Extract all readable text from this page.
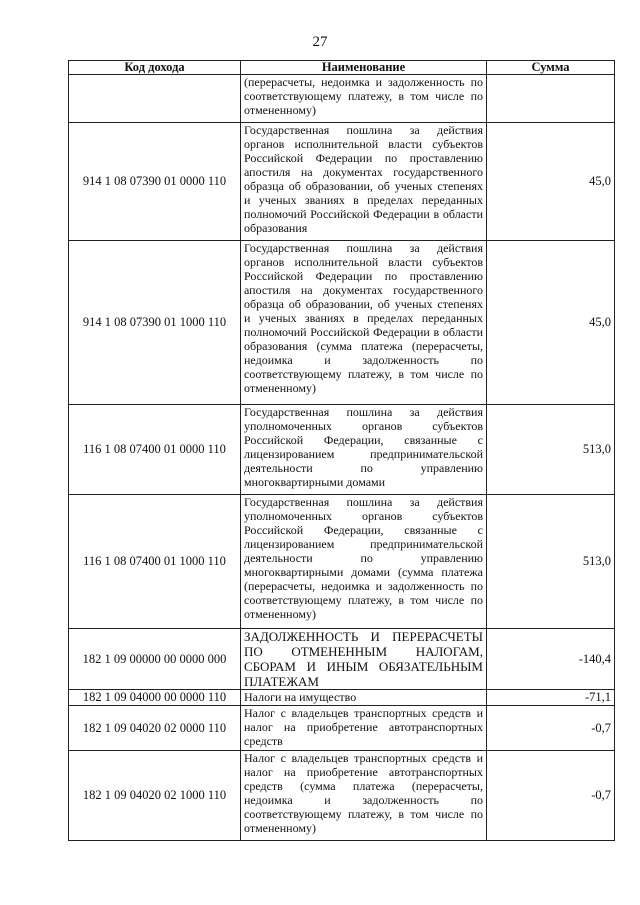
27
Код дохода	Наименование	Сумма
	(перерасчеты, недоимка и задолженность по соответствующему платежу, в том числе по отмененному)	
914 1 08 07390 01 0000 110	Государственная пошлина за действия органов исполнительной власти субъектов Российской Федерации по проставлению апостиля на документах государственного образца об образовании, об ученых степенях и ученых званиях в пределах переданных полномочий Российской Федерации в области образования	45,0
914 1 08 07390 01 1000 110	Государственная пошлина за действия органов исполнительной власти субъектов Российской Федерации по проставлению апостиля на документах государственного образца об образовании, об ученых степенях и ученых званиях в пределах переданных полномочий Российской Федерации в области образования (сумма платежа (перерасчеты, недоимка и задолженность по соответствующему платежу, в том числе по отмененному)	45,0
116 1 08 07400 01 0000 110	Государственная пошлина за действия уполномоченных органов субъектов Российской Федерации, связанные с лицензированием предпринимательской деятельности по управлению многоквартирными домами	513,0
116 1 08 07400 01 1000 110	Государственная пошлина за действия уполномоченных органов субъектов Российской Федерации, связанные с лицензированием предпринимательской деятельности по управлению многоквартирными домами (сумма платежа (перерасчеты, недоимка и задолженность по соответствующему платежу, в том числе по отмененному)	513,0
182 1 09 00000 00 0000 000	ЗАДОЛЖЕННОСТЬ И ПЕРЕРАСЧЕТЫ ПО ОТМЕНЕННЫМ НАЛОГАМ, СБОРАМ И ИНЫМ ОБЯЗАТЕЛЬНЫМ ПЛАТЕЖАМ	-140,4
182 1 09 04000 00 0000 110	Налоги на имущество	-71,1
182 1 09 04020 02 0000 110	Налог с владельцев транспортных средств и налог на приобретение автотранспортных средств	-0,7
182 1 09 04020 02 1000 110	Налог с владельцев транспортных средств и налог на приобретение автотранспортных средств (сумма платежа (перерасчеты, недоимка и задолженность по соответствующему платежу, в том числе по отмененному)	-0,7
